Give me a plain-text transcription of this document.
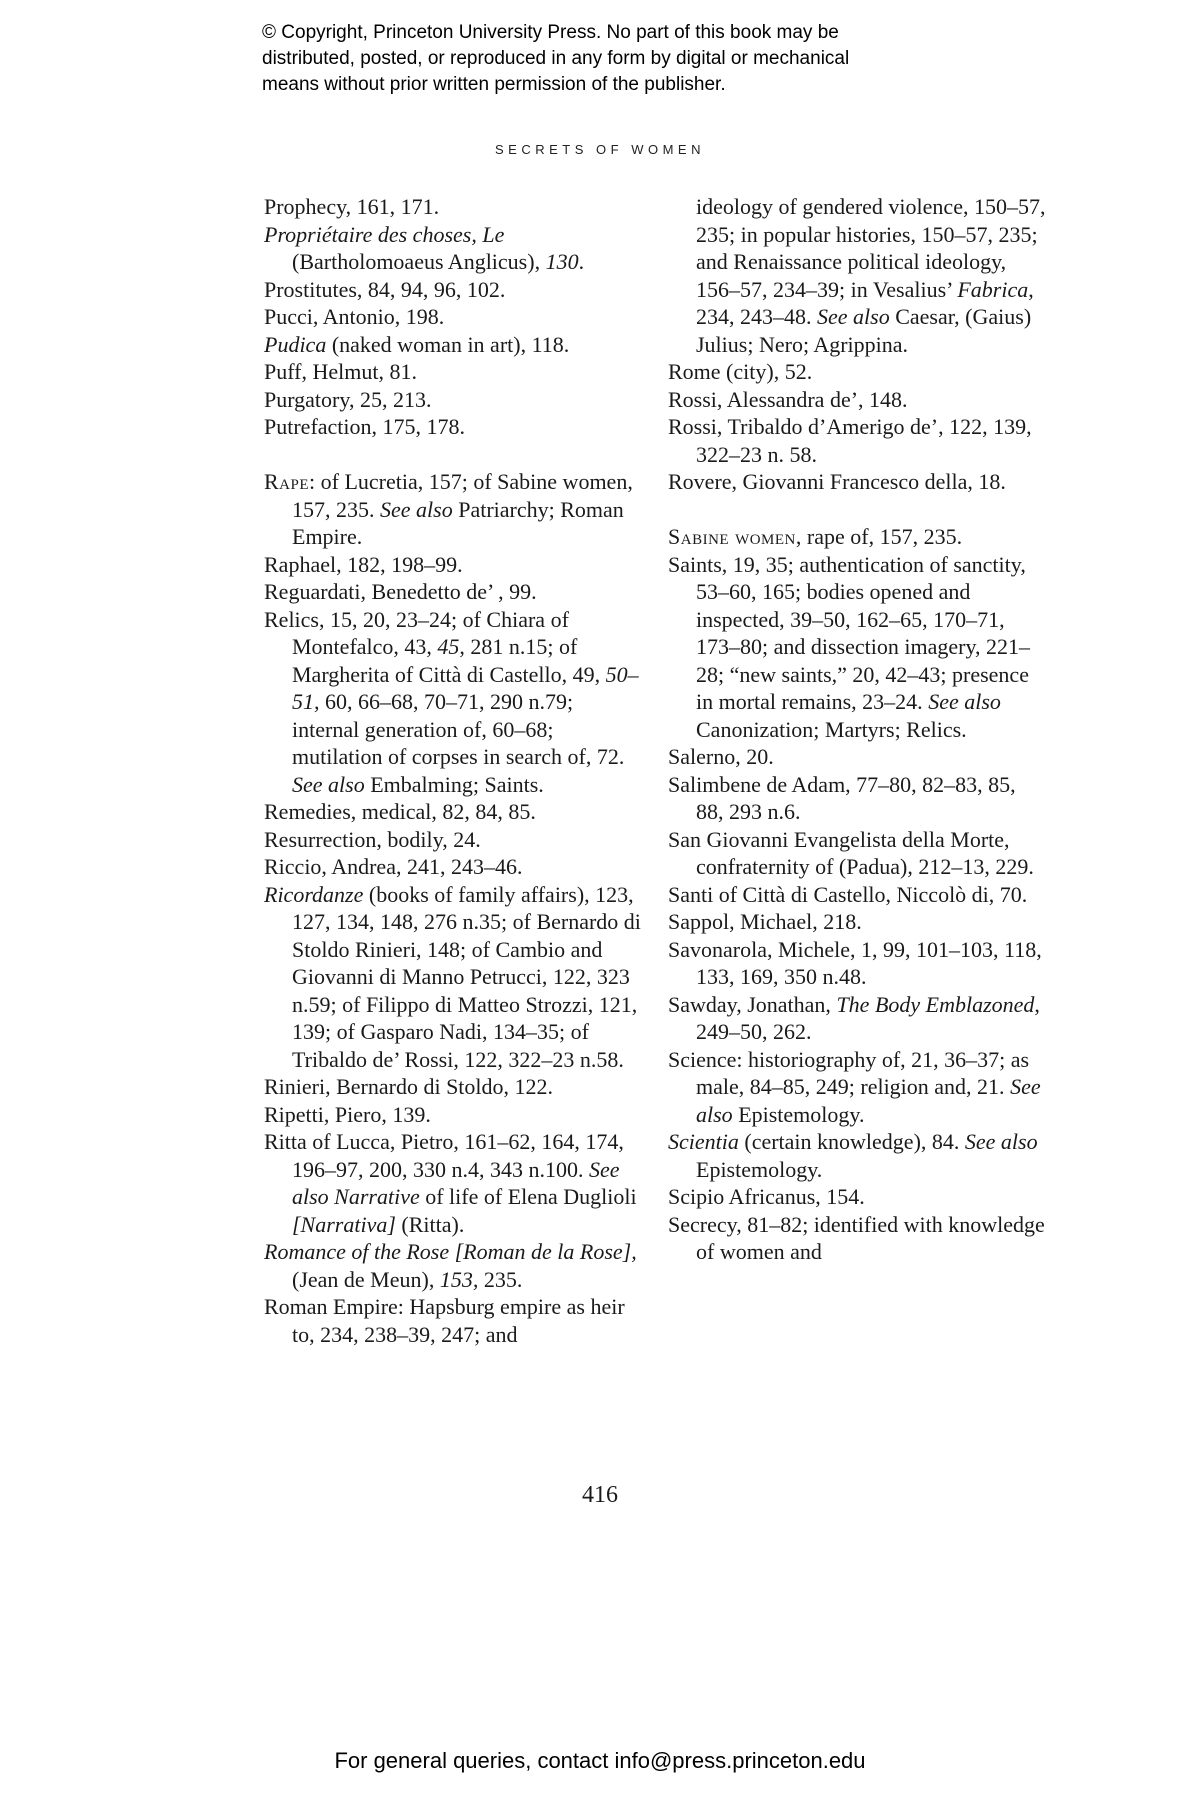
© Copyright, Princeton University Press. No part of this book may be
distributed, posted, or reproduced in any form by digital or mechanical
means without prior written permission of the publisher.
SECRETS OF WOMEN

Prophecy, 161, 171.

Propriétaire des choses, Le
(Bartholomoaeus Anglicus), 130.

Prostitutes, 84, 94, 96, 102.

Pucci, Antonio, 198.

Pudica (naked woman in art), 118.

Puff, Helmut, 81.

Purgatory, 25, 213.

Putrefaction, 175, 178.

Rape: of Lucretia, 157; of Sabine women, 157, 235. See also Patriarchy; Roman Empire.

Raphael, 182, 198–99.

Reguardati, Benedetto de’ , 99.

Relics, 15, 20, 23–24; of Chiara of Montefalco, 43, 45, 281 n.15; of Margherita of Città di Castello, 49, 50–51, 60, 66–68, 70–71, 290 n.79; internal generation of, 60–68; mutilation of corpses in search of, 72. See also Embalming; Saints.

Remedies, medical, 82, 84, 85.

Resurrection, bodily, 24.

Riccio, Andrea, 241, 243–46.

Ricordanze (books of family affairs), 123, 127, 134, 148, 276 n.35; of Bernardo di Stoldo Rinieri, 148; of Cambio and Giovanni di Manno Petrucci, 122, 323 n.59; of Filippo di Matteo Strozzi, 121, 139; of Gasparo Nadi, 134–35; of Tribaldo de’ Rossi, 122, 322–23 n.58.

Rinieri, Bernardo di Stoldo, 122.

Ripetti, Piero, 139.

Ritta of Lucca, Pietro, 161–62, 164, 174, 196–97, 200, 330 n.4, 343 n.100. See also Narrative of life of Elena Duglioli [Narrativa] (Ritta).

Romance of the Rose [Roman de la Rose], (Jean de Meun), 153, 235.

Roman Empire: Hapsburg empire as heir to, 234, 238–39, 247; and

ideology of gendered violence, 150–57, 235; in popular histories, 150–57, 235; and Renaissance political ideology, 156–57, 234–39; in Vesalius’ Fabrica, 234, 243–48. See also Caesar, (Gaius) Julius; Nero; Agrippina.

Rome (city), 52.

Rossi, Alessandra de’, 148.

Rossi, Tribaldo d’Amerigo de’, 122, 139, 322–23 n. 58.

Rovere, Giovanni Francesco della, 18.

Sabine women, rape of, 157, 235.

Saints, 19, 35; authentication of sanctity, 53–60, 165; bodies opened and inspected, 39–50, 162–65, 170–71, 173–80; and dissection imagery, 221–28; “new saints,” 20, 42–43; presence in mortal remains, 23–24. See also Canonization; Martyrs; Relics.

Salerno, 20.

Salimbene de Adam, 77–80, 82–83, 85, 88, 293 n.6.

San Giovanni Evangelista della Morte, confraternity of (Padua), 212–13, 229.

Santi of Città di Castello, Niccolò di, 70.

Sappol, Michael, 218.

Savonarola, Michele, 1, 99, 101–103, 118, 133, 169, 350 n.48.

Sawday, Jonathan, The Body Emblazoned, 249–50, 262.

Science: historiography of, 21, 36–37; as male, 84–85, 249; religion and, 21. See also Epistemology.

Scientia (certain knowledge), 84. See also Epistemology.

Scipio Africanus, 154.

Secrecy, 81–82; identified with knowledge of women and

416
For general queries, contact info@press.princeton.edu
